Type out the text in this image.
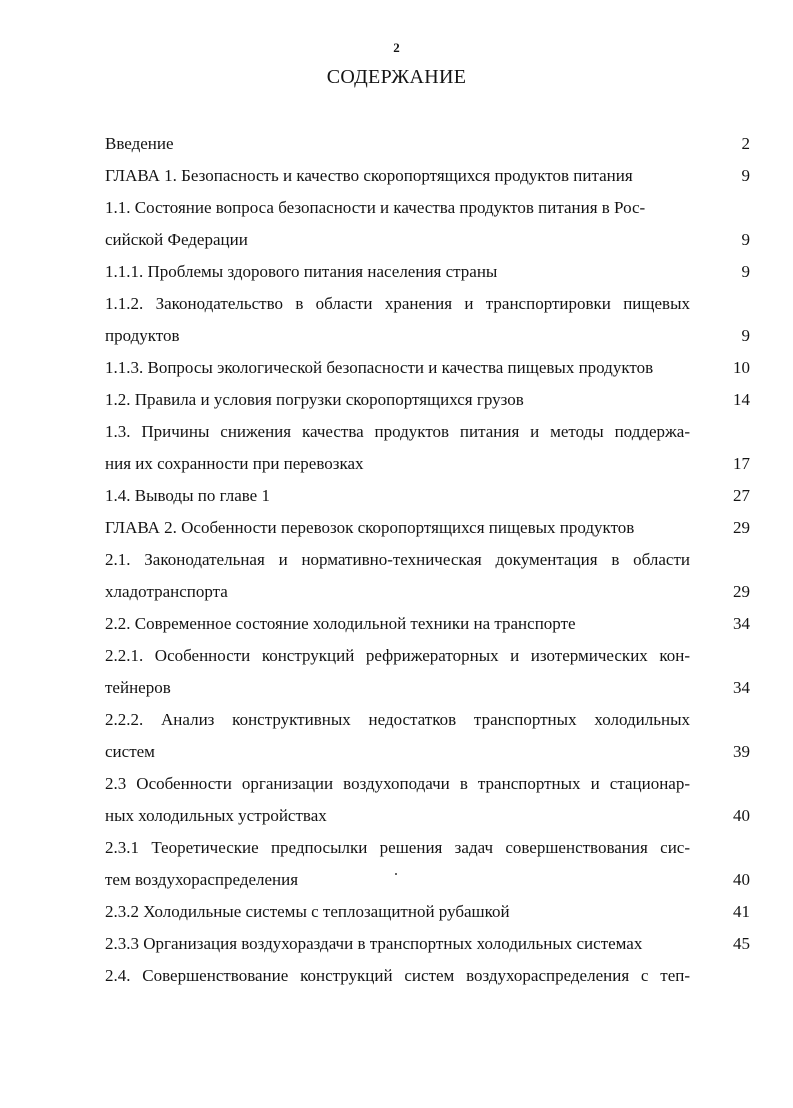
2
СОДЕРЖАНИЕ
Введение	2
ГЛАВА 1. Безопасность и качество скоропортящихся продуктов питания	9
1.1. Состояние вопроса безопасности и качества продуктов питания в Рос-
сийской Федерации	9
1.1.1. Проблемы здорового питания населения страны	9
1.1.2. Законодательство в области хранения и транспортировки пищевых
продуктов	9
1.1.3. Вопросы экологической безопасности и качества пищевых продуктов	10
1.2. Правила и условия погрузки скоропортящихся грузов	14
1.3. Причины снижения качества продуктов питания и методы поддержа-
ния их сохранности при перевозках	17
1.4. Выводы по главе 1	27
ГЛАВА 2. Особенности перевозок скоропортящихся пищевых продуктов	29
2.1. Законодательная и нормативно-техническая документация в области
хладотранспорта	29
2.2. Современное состояние холодильной техники на транспорте	34
2.2.1. Особенности конструкций рефрижераторных и изотермических кон-
тейнеров	34
2.2.2. Анализ конструктивных недостатков транспортных холодильных
систем	39
2.3 Особенности организации воздухоподачи в транспортных и стационар-
ных холодильных устройствах	40
2.3.1 Теоретические предпосылки решения задач совершенствования сис-
тем воздухораспределения	40
2.3.2 Холодильные системы с теплозащитной рубашкой	41
2.3.3 Организация воздухораздачи в транспортных холодильных системах	45
2.4. Совершенствование конструкций систем воздухораспределения с теп-
